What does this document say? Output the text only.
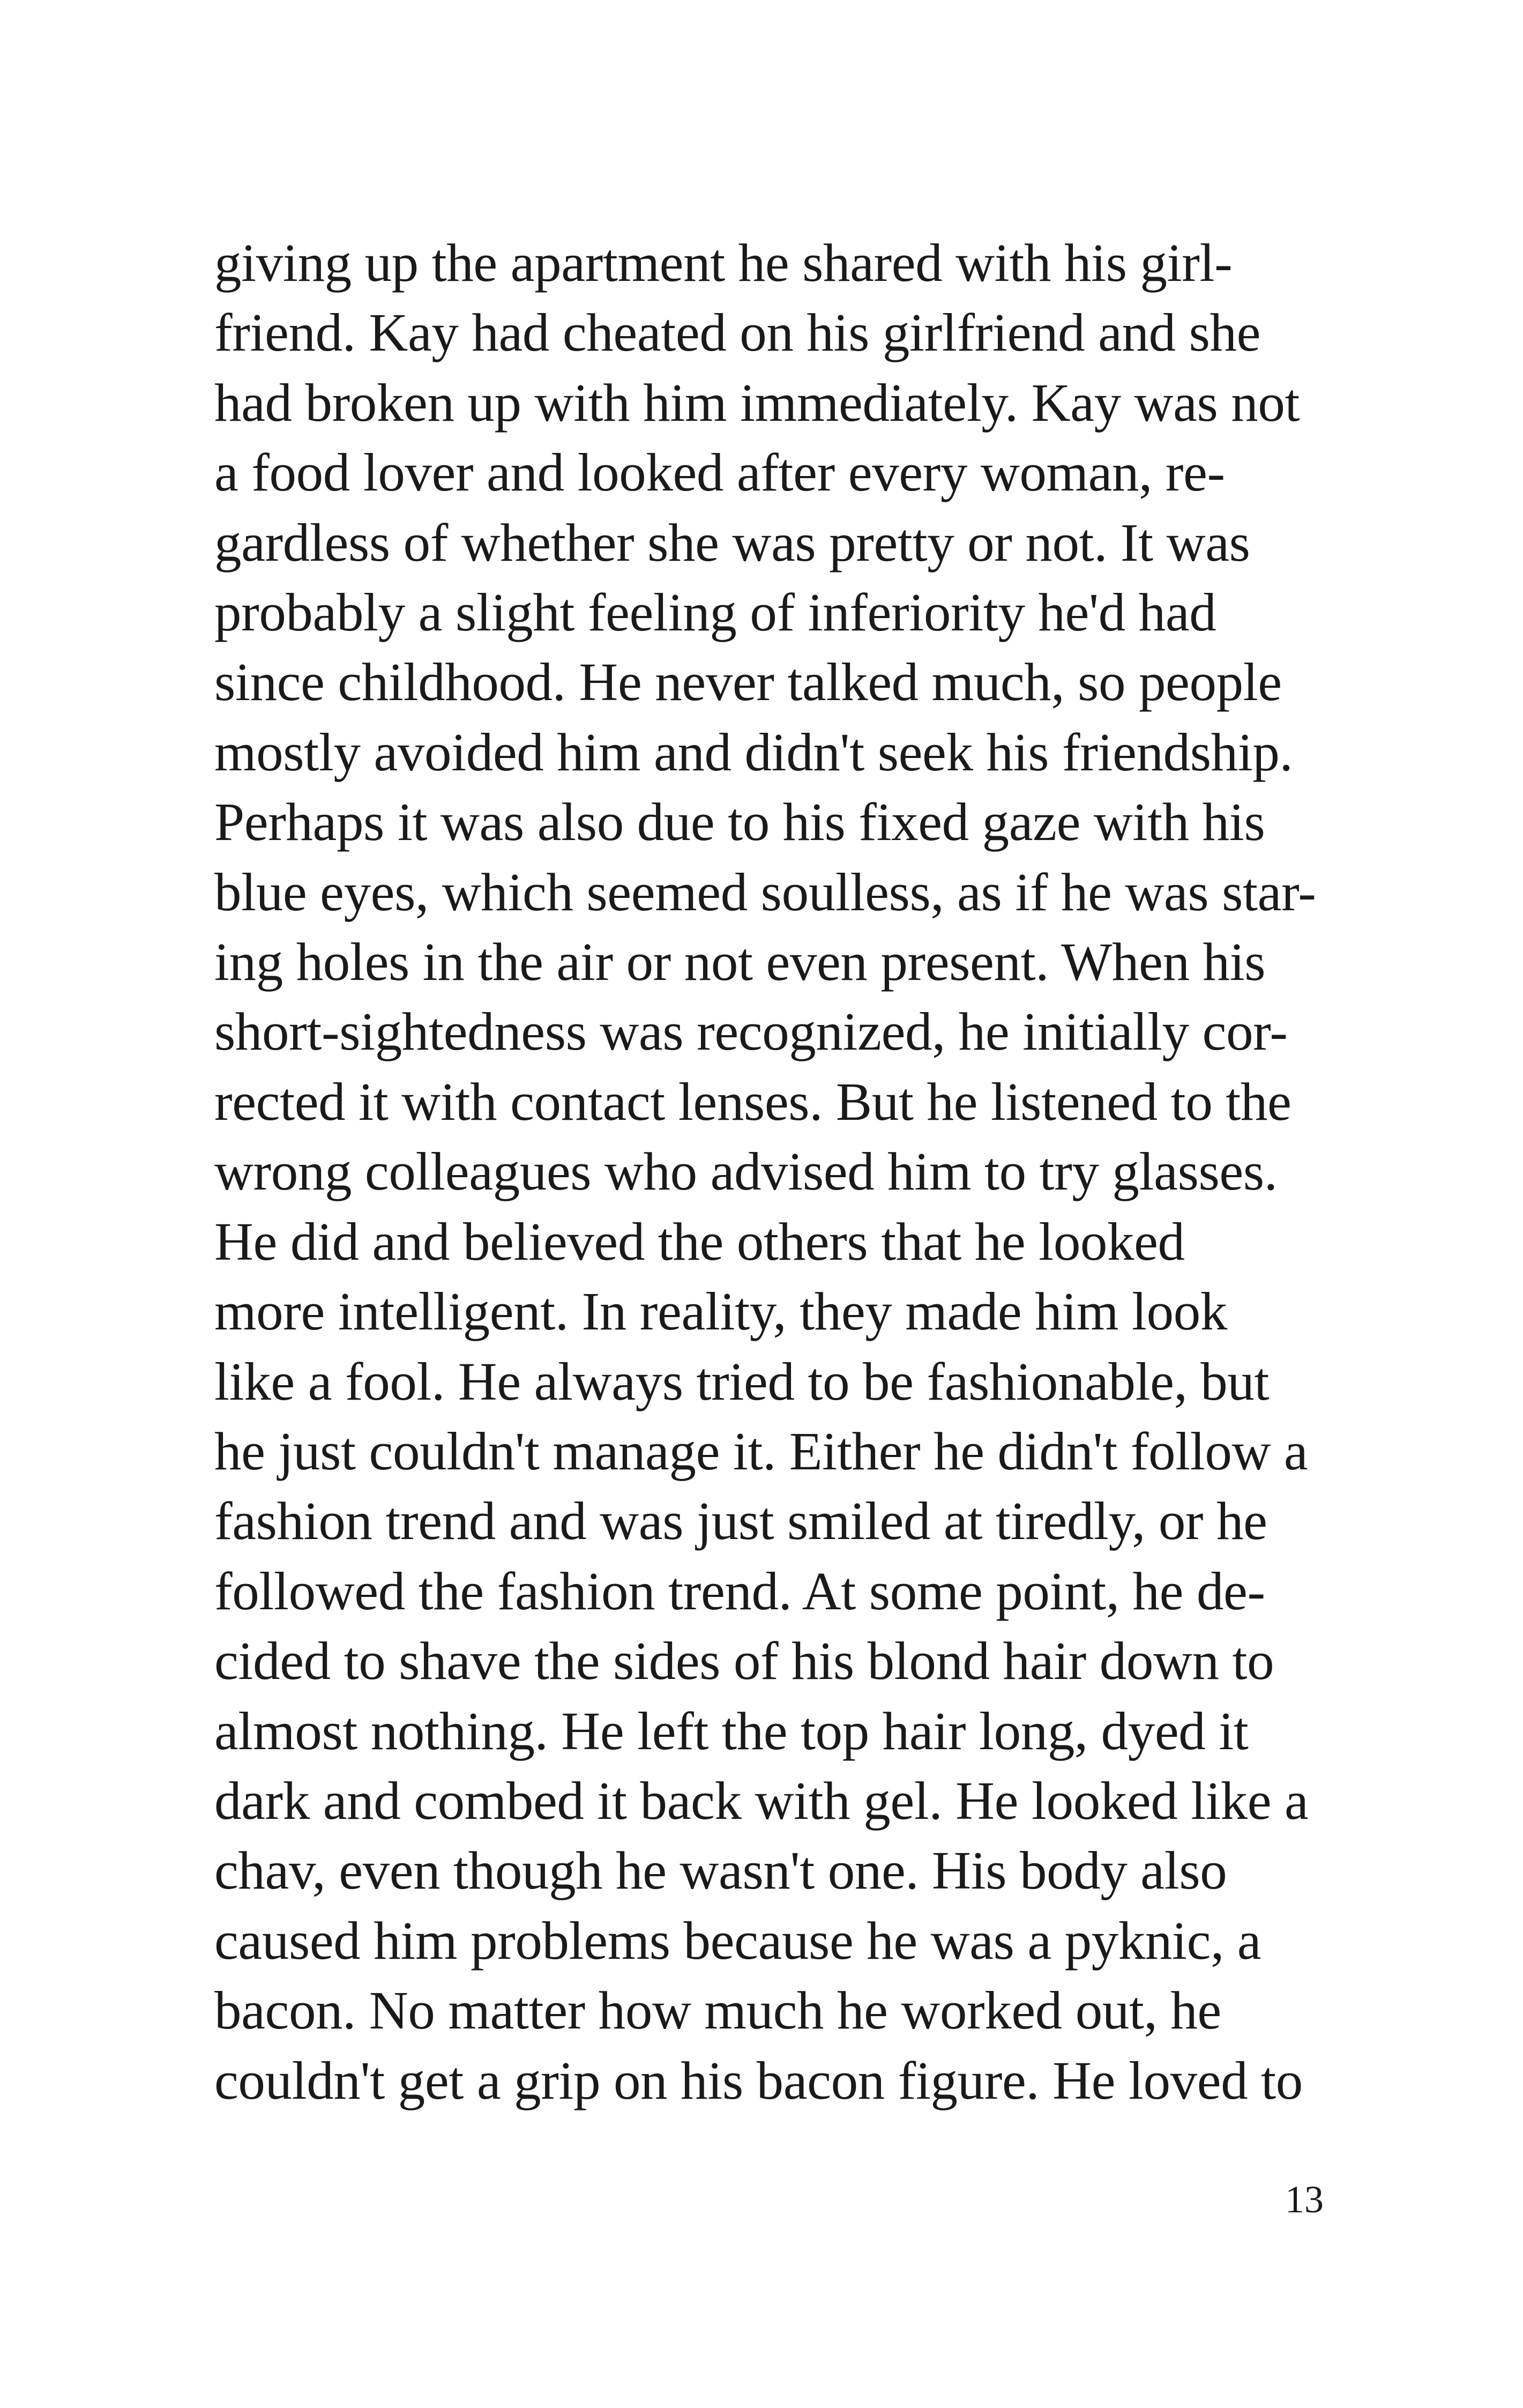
giving up the apartment he shared with his girl-
friend. Kay had cheated on his girlfriend and she
had broken up with him immediately. Kay was not
a food lover and looked after every woman, re-
gardless of whether she was pretty or not. It was
probably a slight feeling of inferiority he'd had
since childhood. He never talked much, so people
mostly avoided him and didn't seek his friendship.
Perhaps it was also due to his fixed gaze with his
blue eyes, which seemed soulless, as if he was star-
ing holes in the air or not even present. When his
short-sightedness was recognized, he initially cor-
rected it with contact lenses. But he listened to the
wrong colleagues who advised him to try glasses.
He did and believed the others that he looked
more intelligent. In reality, they made him look
like a fool. He always tried to be fashionable, but
he just couldn't manage it. Either he didn't follow a
fashion trend and was just smiled at tiredly, or he
followed the fashion trend. At some point, he de-
cided to shave the sides of his blond hair down to
almost nothing. He left the top hair long, dyed it
dark and combed it back with gel. He looked like a
chav, even though he wasn't one. His body also
caused him problems because he was a pyknic, a
bacon. No matter how much he worked out, he
couldn't get a grip on his bacon figure. He loved to
13
